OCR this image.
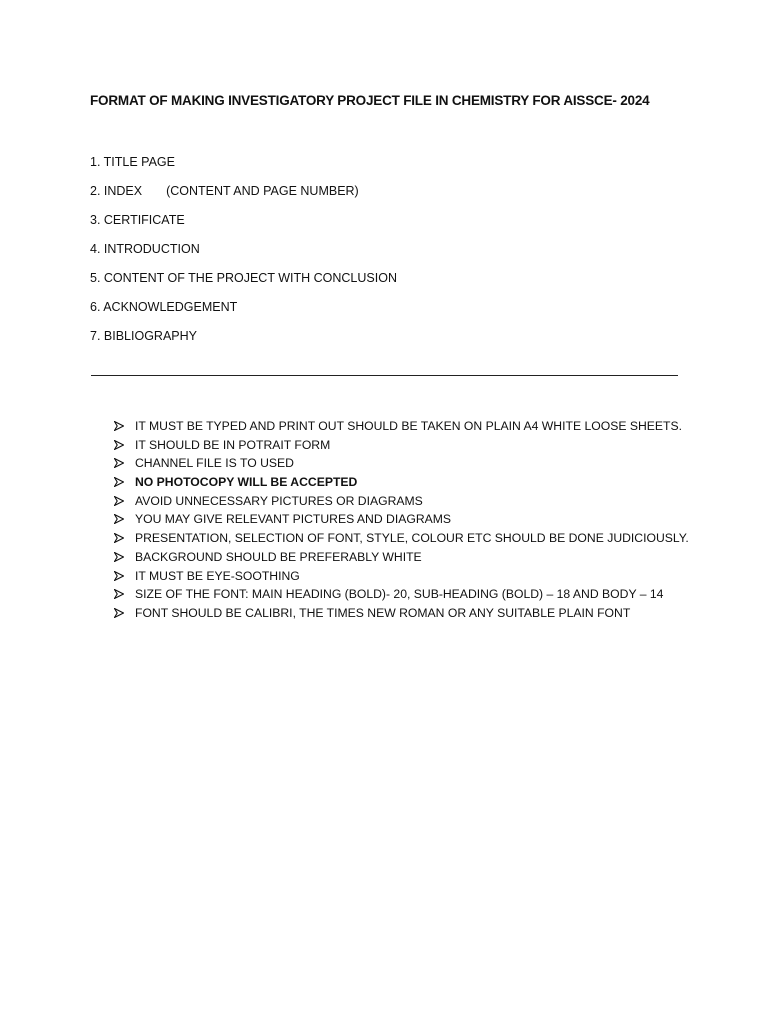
FORMAT OF MAKING INVESTIGATORY PROJECT FILE IN CHEMISTRY FOR AISSCE- 2024
1. TITLE PAGE
2. INDEX (CONTENT AND PAGE NUMBER)
3. CERTIFICATE
4. INTRODUCTION
5. CONTENT OF THE PROJECT WITH CONCLUSION
6. ACKNOWLEDGEMENT
7. BIBLIOGRAPHY
IT MUST BE TYPED AND PRINT OUT SHOULD BE TAKEN ON PLAIN A4 WHITE LOOSE SHEETS.
IT SHOULD BE IN POTRAIT FORM
CHANNEL FILE IS TO USED
NO PHOTOCOPY WILL BE ACCEPTED
AVOID UNNECESSARY PICTURES OR DIAGRAMS
YOU MAY GIVE RELEVANT PICTURES AND DIAGRAMS
PRESENTATION, SELECTION OF FONT, STYLE, COLOUR ETC SHOULD BE DONE JUDICIOUSLY.
BACKGROUND SHOULD BE PREFERABLY WHITE
IT MUST BE EYE-SOOTHING
SIZE OF THE FONT: MAIN HEADING (BOLD)- 20, SUB-HEADING (BOLD) – 18 AND BODY – 14
FONT SHOULD BE CALIBRI, THE TIMES NEW ROMAN OR ANY SUITABLE PLAIN FONT
